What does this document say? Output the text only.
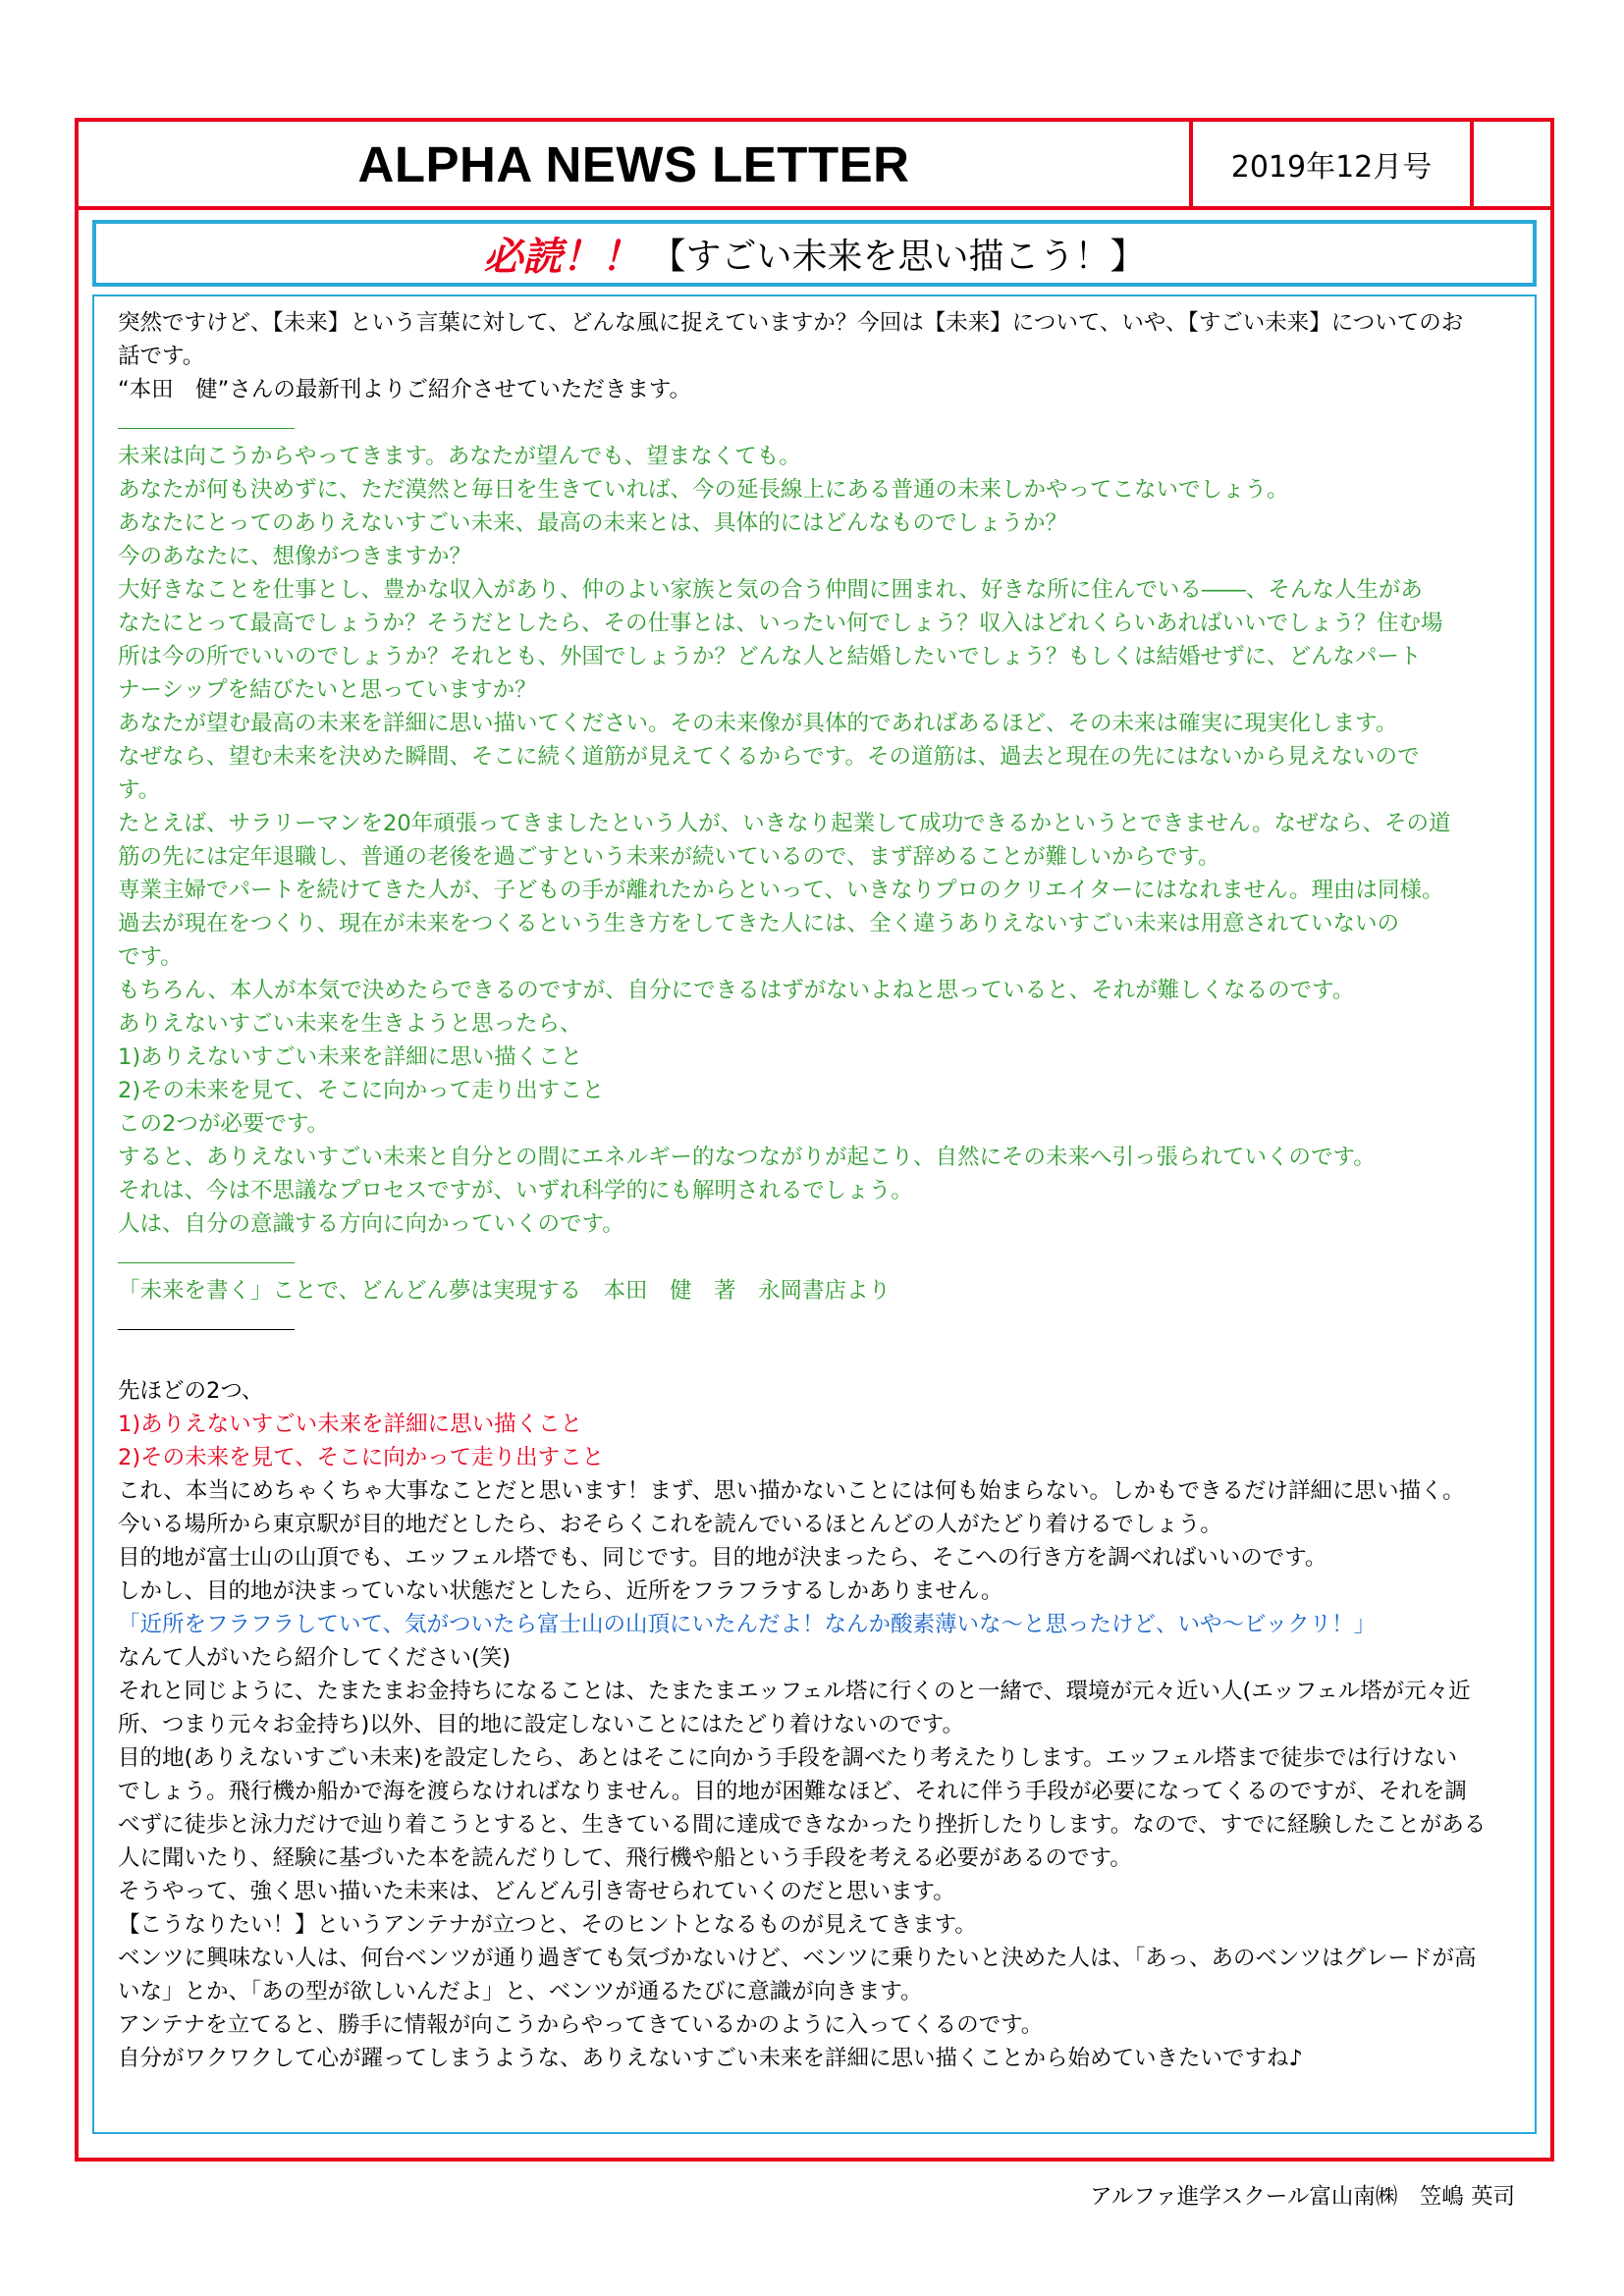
ALPHA NEWS LETTER	2019年12月号
必読！！ 【すごい未来を思い描こう！】
突然ですけど、【未来】という言葉に対して、どんな風に捉えていますか？今回は【未来】について、いや、【すごい未来】についてのお
話です。
“本田　健”さんの最新刊よりご紹介させていただきます。
未来は向こうからやってきます。あなたが望んでも、望まなくても。
あなたが何も決めずに、ただ漠然と毎日を生きていれば、今の延長線上にある普通の未来しかやってこないでしょう。
あなたにとってのありえないすごい未来、最高の未来とは、具体的にはどんなものでしょうか？
今のあなたに、想像がつきますか？
大好きなことを仕事とし、豊かな収入があり、仲のよい家族と気の合う仲間に囲まれ、好きな所に住んでいる――、そんな人生があ
なたにとって最高でしょうか？そうだとしたら、その仕事とは、いったい何でしょう？収入はどれくらいあればいいでしょう？住む場
所は今の所でいいのでしょうか？それとも、外国でしょうか？どんな人と結婚したいでしょう？もしくは結婚せずに、どんなパート
ナーシップを結びたいと思っていますか？
あなたが望む最高の未来を詳細に思い描いてください。その未来像が具体的であればあるほど、その未来は確実に現実化します。
なぜなら、望む未来を決めた瞬間、そこに続く道筋が見えてくるからです。その道筋は、過去と現在の先にはないから見えないので
す。
たとえば、サラリーマンを20年頑張ってきましたという人が、いきなり起業して成功できるかというとできません。なぜなら、その道
筋の先には定年退職し、普通の老後を過ごすという未来が続いているので、まず辞めることが難しいからです。
専業主婦でパートを続けてきた人が、子どもの手が離れたからといって、いきなりプロのクリエイターにはなれません。理由は同様。
過去が現在をつくり、現在が未来をつくるという生き方をしてきた人には、全く違うありえないすごい未来は用意されていないの
です。
もちろん、本人が本気で決めたらできるのですが、自分にできるはずがないよねと思っていると、それが難しくなるのです。
ありえないすごい未来を生きようと思ったら、
1)ありえないすごい未来を詳細に思い描くこと
2)その未来を見て、そこに向かって走り出すこと
この2つが必要です。
すると、ありえないすごい未来と自分との間にエネルギー的なつながりが起こり、自然にその未来へ引っ張られていくのです。
それは、今は不思議なプロセスですが、いずれ科学的にも解明されるでしょう。
人は、自分の意識する方向に向かっていくのです。
「未来を書く」ことで、どんどん夢は実現する　本田　健　著　永岡書店より
先ほどの2つ、
1)ありえないすごい未来を詳細に思い描くこと
2)その未来を見て、そこに向かって走り出すこと
これ、本当にめちゃくちゃ大事なことだと思います！まず、思い描かないことには何も始まらない。しかもできるだけ詳細に思い描く。
今いる場所から東京駅が目的地だとしたら、おそらくこれを読んでいるほとんどの人がたどり着けるでしょう。
目的地が富士山の山頂でも、エッフェル塔でも、同じです。目的地が決まったら、そこへの行き方を調べればいいのです。
しかし、目的地が決まっていない状態だとしたら、近所をフラフラするしかありません。
「近所をフラフラしていて、気がついたら富士山の山頂にいたんだよ！なんか酸素薄いな～と思ったけど、いや～ビックリ！」
なんて人がいたら紹介してください(笑)
それと同じように、たまたまお金持ちになることは、たまたまエッフェル塔に行くのと一緒で、環境が元々近い人(エッフェル塔が元々近
所、つまり元々お金持ち)以外、目的地に設定しないことにはたどり着けないのです。
目的地(ありえないすごい未来)を設定したら、あとはそこに向かう手段を調べたり考えたりします。エッフェル塔まで徒歩では行けない
でしょう。飛行機か船かで海を渡らなければなりません。目的地が困難なほど、それに伴う手段が必要になってくるのですが、それを調
べずに徒歩と泳力だけで辿り着こうとすると、生きている間に達成できなかったり挫折したりします。なので、すでに経験したことがある
人に聞いたり、経験に基づいた本を読んだりして、飛行機や船という手段を考える必要があるのです。
そうやって、強く思い描いた未来は、どんどん引き寄せられていくのだと思います。
【こうなりたい！】というアンテナが立つと、そのヒントとなるものが見えてきます。
ベンツに興味ない人は、何台ベンツが通り過ぎても気づかないけど、ベンツに乗りたいと決めた人は、「あっ、あのベンツはグレードが高
いな」とか、「あの型が欲しいんだよ」と、ベンツが通るたびに意識が向きます。
アンテナを立てると、勝手に情報が向こうからやってきているかのように入ってくるのです。
自分がワクワクして心が躍ってしまうような、ありえないすごい未来を詳細に思い描くことから始めていきたいですね♪
アルファ進学スクール富山南㈱　笠嶋 英司
